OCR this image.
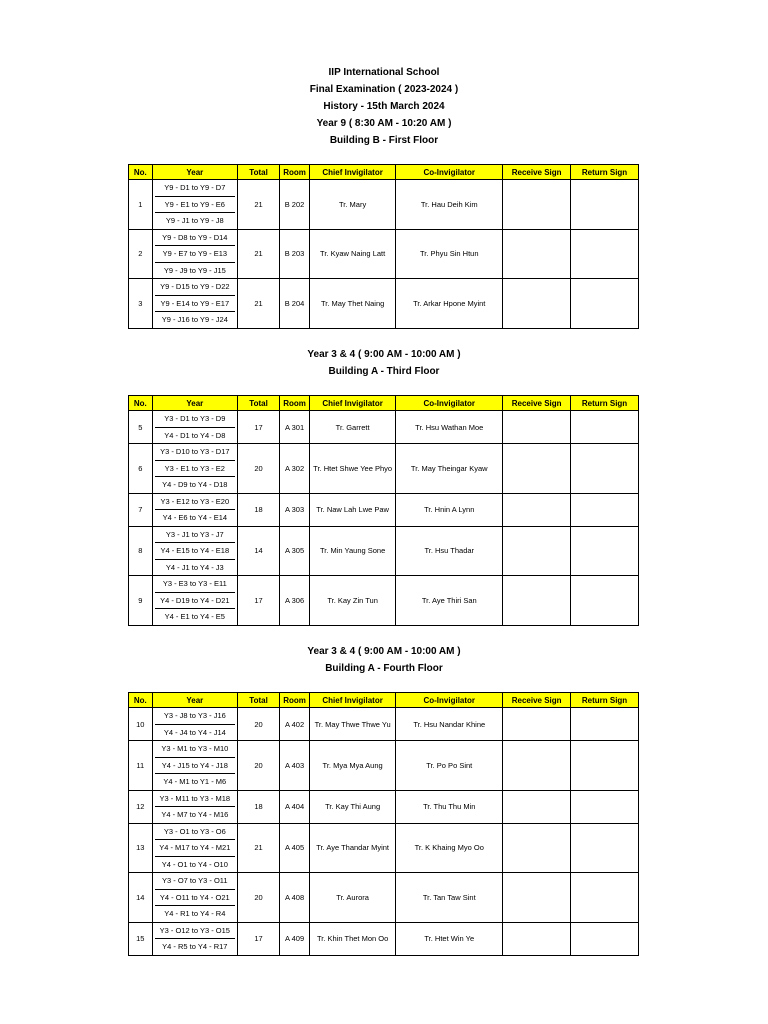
IIP International School
Final Examination ( 2023-2024 )
History - 15th March 2024
Year 9 ( 8:30 AM - 10:20 AM )
Building B - First Floor
No.	Year	Total	Room	Chief Invigilator	Co-Invigilator	Receive Sign	Return Sign
1	Y9 - D1 to Y9 - D7
Y9 - E1 to Y9 - E6
Y9 - J1 to Y9 - J8	21	B 202	Tr. Mary	Tr. Hau Deih Kim		
2	Y9 - D8 to Y9 - D14
Y9 - E7 to Y9 - E13
Y9 - J9 to Y9 - J15	21	B 203	Tr. Kyaw Naing Latt	Tr. Phyu Sin Htun		
3	Y9 - D15 to Y9 - D22
Y9 - E14 to Y9 - E17
Y9 - J16 to Y9 - J24	21	B 204	Tr. May Thet Naing	Tr. Arkar Hpone Myint		
Year 3 & 4 ( 9:00 AM - 10:00 AM )
Building A - Third Floor
No.	Year	Total	Room	Chief Invigilator	Co-Invigilator	Receive Sign	Return Sign
5	Y3 - D1 to Y3 - D9
Y4 - D1 to Y4 - D8	17	A 301	Tr. Garrett	Tr. Hsu Wathan Moe		
6	Y3 - D10 to Y3 - D17
Y3 - E1 to Y3 - E2
Y4 - D9 to Y4 - D18	20	A 302	Tr. Htet Shwe Yee Phyo	Tr. May Theingar Kyaw		
7	Y3 - E12 to Y3 - E20
Y4 - E6 to Y4 - E14	18	A 303	Tr. Naw Lah Lwe Paw	Tr. Hnin A Lynn		
8	Y3 - J1 to Y3 - J7
Y4 - E15 to Y4 - E18
Y4 - J1 to Y4 - J3	14	A 305	Tr. Min Yaung Sone	Tr. Hsu Thadar		
9	Y3 - E3 to Y3 - E11
Y4 - D19 to Y4 - D21
Y4 - E1 to Y4 - E5	17	A 306	Tr. Kay Zin Tun	Tr. Aye Thiri San		
Year 3 & 4 ( 9:00 AM - 10:00 AM )
Building A - Fourth Floor
No.	Year	Total	Room	Chief Invigilator	Co-Invigilator	Receive Sign	Return Sign
10	Y3 - J8 to Y3 - J16
Y4 - J4 to Y4 - J14	20	A 402	Tr. May Thwe Thwe Yu	Tr. Hsu Nandar Khine		
11	Y3 - M1 to Y3 - M10
Y4 - J15 to Y4 - J18
Y4 - M1 to Y1 - M6	20	A 403	Tr. Mya Mya Aung	Tr. Po Po Sint		
12	Y3 - M11 to Y3 - M18
Y4 - M7 to Y4 - M16	18	A 404	Tr. Kay Thi Aung	Tr. Thu Thu Min		
13	Y3 - O1 to Y3 - O6
Y4 - M17 to Y4 - M21
Y4 - O1 to Y4 - O10	21	A 405	Tr. Aye Thandar Myint	Tr. K Khaing Myo Oo		
14	Y3 - O7 to Y3 - O11
Y4 - O11 to Y4 - O21
Y4 - R1 to Y4 - R4	20	A 408	Tr. Aurora	Tr. Tan Taw Sint		
15	Y3 - O12 to Y3 - O15
Y4 - R5 to Y4 - R17	17	A 409	Tr. Khin Thet Mon Oo	Tr. Htet Win Ye		
